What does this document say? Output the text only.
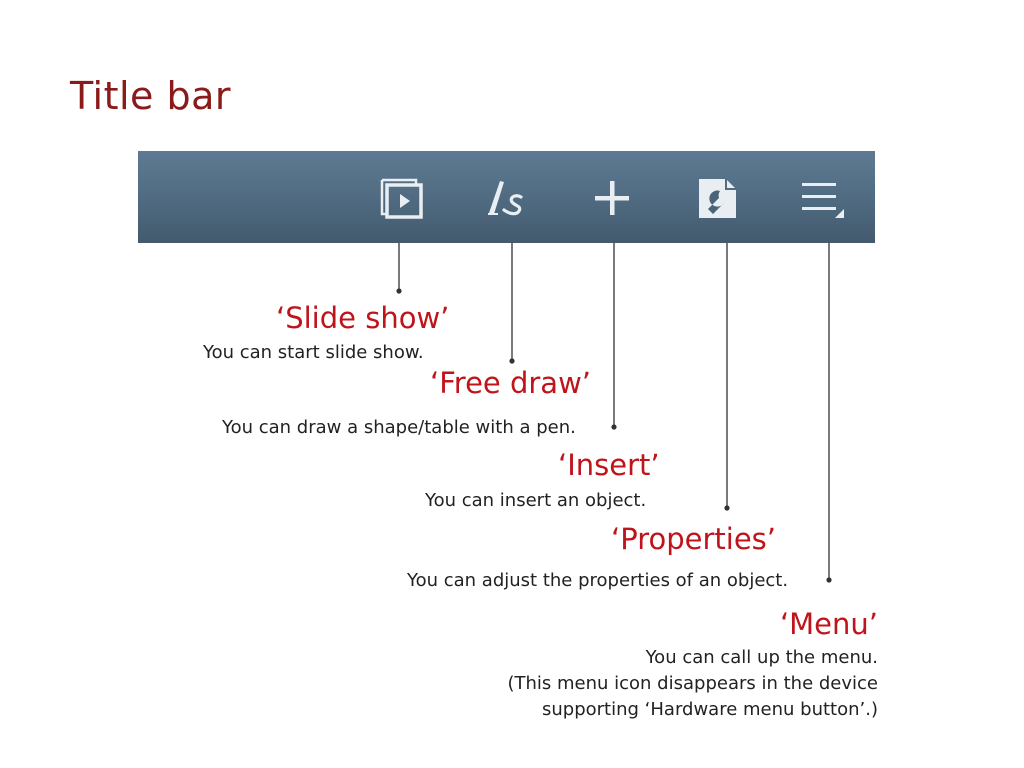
Title bar
‘Slide show’
You can start slide show.
‘Free draw’
You can draw a shape/table with a pen.
‘Insert’
You can insert an object.
‘Properties’
You can adjust the properties of an object.
‘Menu’
You can call up the menu.
(This menu icon disappears in the device
supporting ‘Hardware menu button’.)
